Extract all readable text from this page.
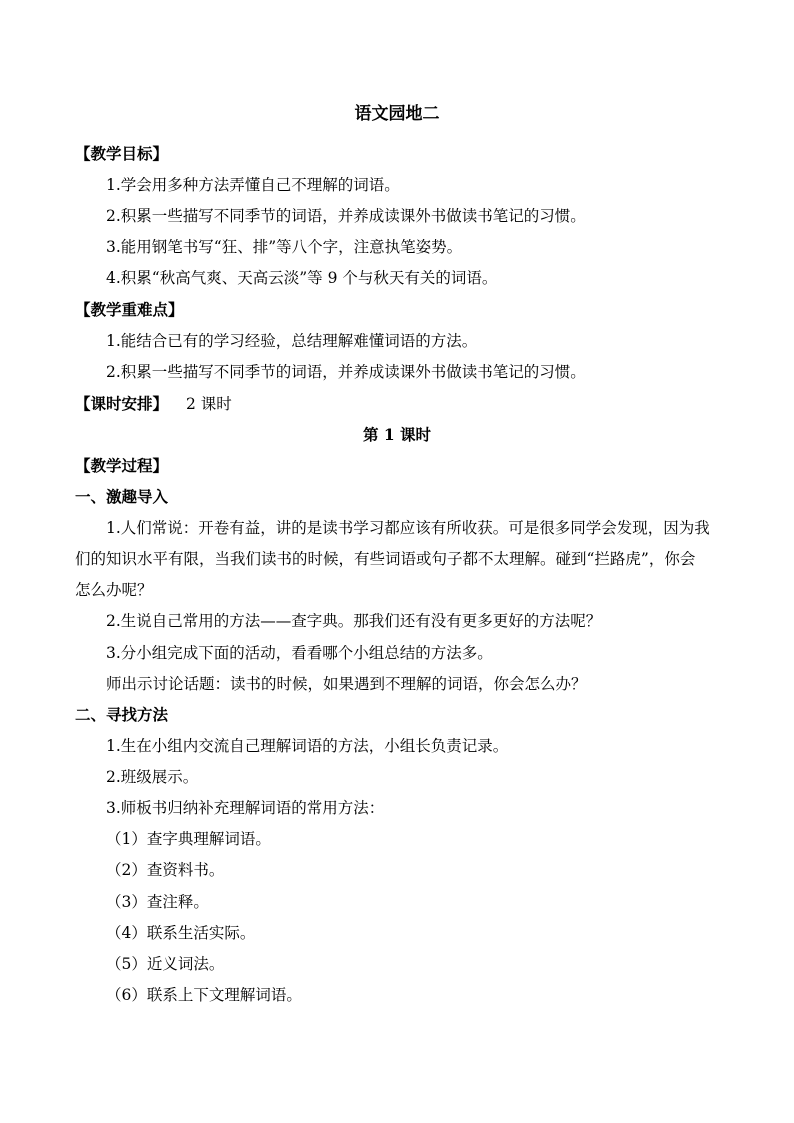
语文园地二
【教学目标】
1.学会用多种方法弄懂自己不理解的词语。
2.积累一些描写不同季节的词语，并养成读课外书做读书笔记的习惯。
3.能用钢笔书写“狂、排”等八个字，注意执笔姿势。
4.积累“秋高气爽、天高云淡”等 9 个与秋天有关的词语。
【教学重难点】
1.能结合已有的学习经验，总结理解难懂词语的方法。
2.积累一些描写不同季节的词语，并养成读课外书做读书笔记的习惯。
【课时安排】 2 课时
第 1 课时
【教学过程】
一、激趣导入
1.人们常说：开卷有益，讲的是读书学习都应该有所收获。可是很多同学会发现，因为我
们的知识水平有限，当我们读书的时候，有些词语或句子都不太理解。碰到“拦路虎”，你会
怎么办呢？
2.生说自己常用的方法——查字典。那我们还有没有更多更好的方法呢？
3.分小组完成下面的活动，看看哪个小组总结的方法多。
师出示讨论话题：读书的时候，如果遇到不理解的词语，你会怎么办？
二、寻找方法
1.生在小组内交流自己理解词语的方法，小组长负责记录。
2.班级展示。
3.师板书归纳补充理解词语的常用方法：
（1）查字典理解词语。
（2）查资料书。
（3）查注释。
（4）联系生活实际。
（5）近义词法。
（6）联系上下文理解词语。
